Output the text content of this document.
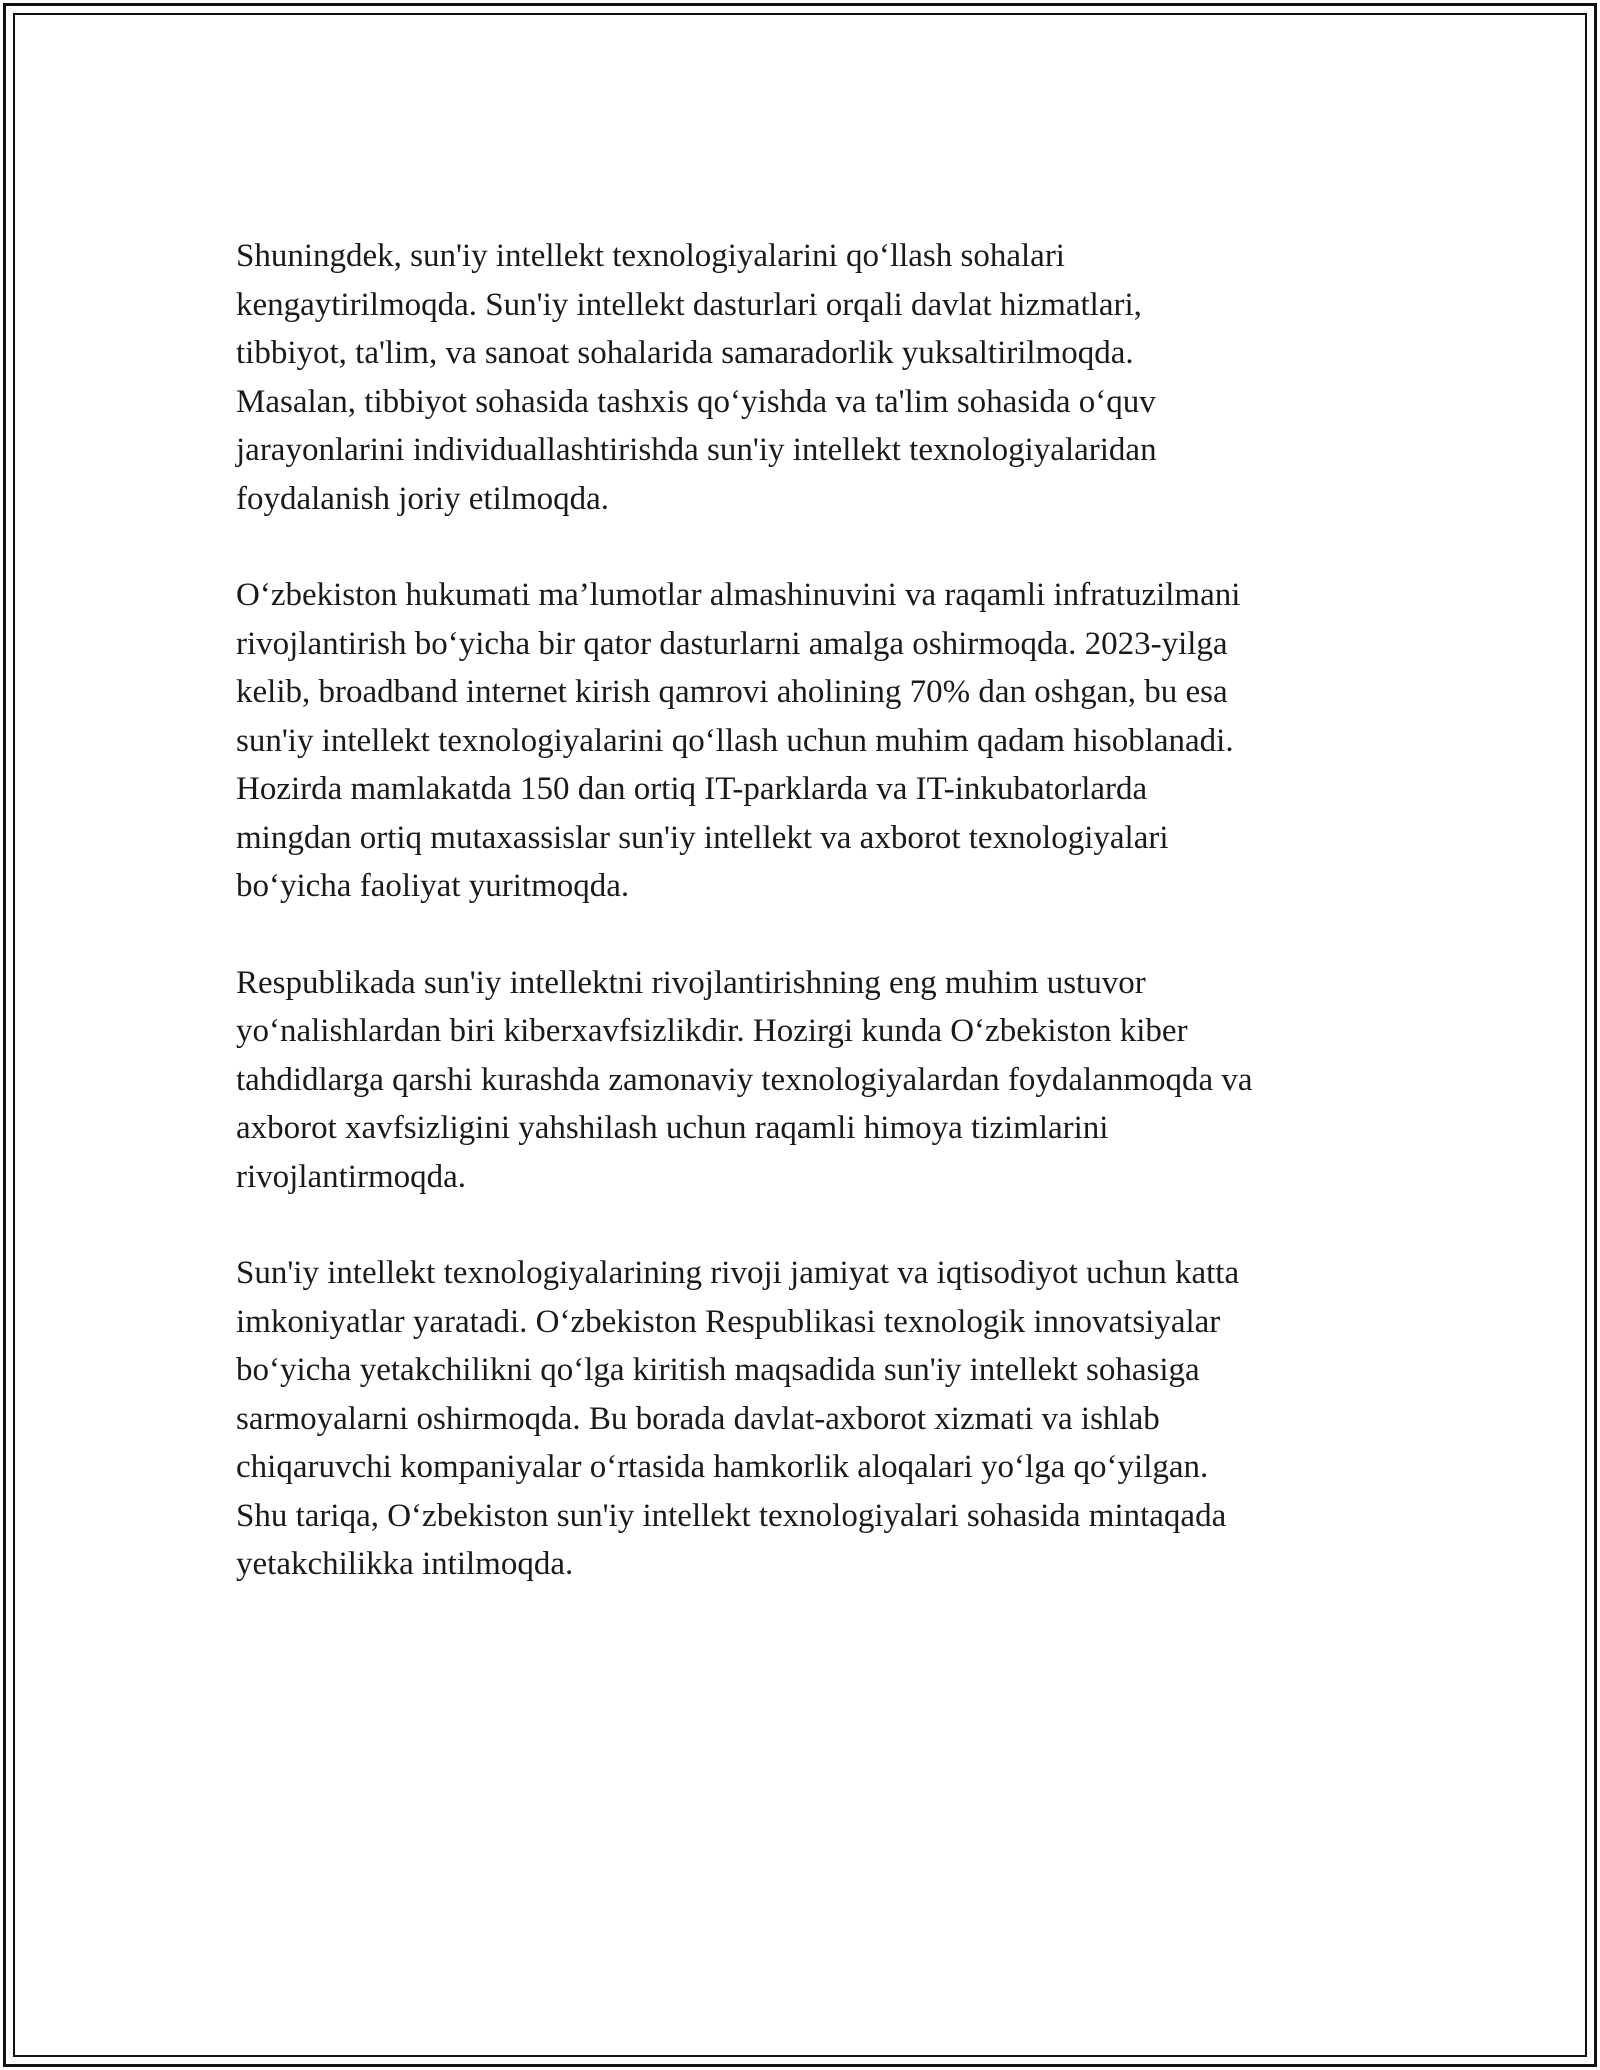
Shuningdek, sun'iy intellekt texnologiyalarini qo‘llash sohalari
kengaytirilmoqda. Sun'iy intellekt dasturlari orqali davlat hizmatlari,
tibbiyot, ta'lim, va sanoat sohalarida samaradorlik yuksaltirilmoqda.
Masalan, tibbiyot sohasida tashxis qo‘yishda va ta'lim sohasida o‘quv
jarayonlarini individuallashtirishda sun'iy intellekt texnologiyalaridan
foydalanish joriy etilmoqda.

O‘zbekiston hukumati ma’lumotlar almashinuvini va raqamli infratuzilmani
rivojlantirish bo‘yicha bir qator dasturlarni amalga oshirmoqda. 2023-yilga
kelib, broadband internet kirish qamrovi aholining 70% dan oshgan, bu esa
sun'iy intellekt texnologiyalarini qo‘llash uchun muhim qadam hisoblanadi.
Hozirda mamlakatda 150 dan ortiq IT-parklarda va IT-inkubatorlarda
mingdan ortiq mutaxassislar sun'iy intellekt va axborot texnologiyalari
bo‘yicha faoliyat yuritmoqda.

Respublikada sun'iy intellektni rivojlantirishning eng muhim ustuvor
yo‘nalishlardan biri kiberxavfsizlikdir. Hozirgi kunda O‘zbekiston kiber
tahdidlarga qarshi kurashda zamonaviy texnologiyalardan foydalanmoqda va
axborot xavfsizligini yahshilash uchun raqamli himoya tizimlarini
rivojlantirmoqda.

Sun'iy intellekt texnologiyalarining rivoji jamiyat va iqtisodiyot uchun katta
imkoniyatlar yaratadi. O‘zbekiston Respublikasi texnologik innovatsiyalar
bo‘yicha yetakchilikni qo‘lga kiritish maqsadida sun'iy intellekt sohasiga
sarmoyalarni oshirmoqda. Bu borada davlat-axborot xizmati va ishlab
chiqaruvchi kompaniyalar o‘rtasida hamkorlik aloqalari yo‘lga qo‘yilgan.
Shu tariqa, O‘zbekiston sun'iy intellekt texnologiyalari sohasida mintaqada
yetakchilikka intilmoqda.
